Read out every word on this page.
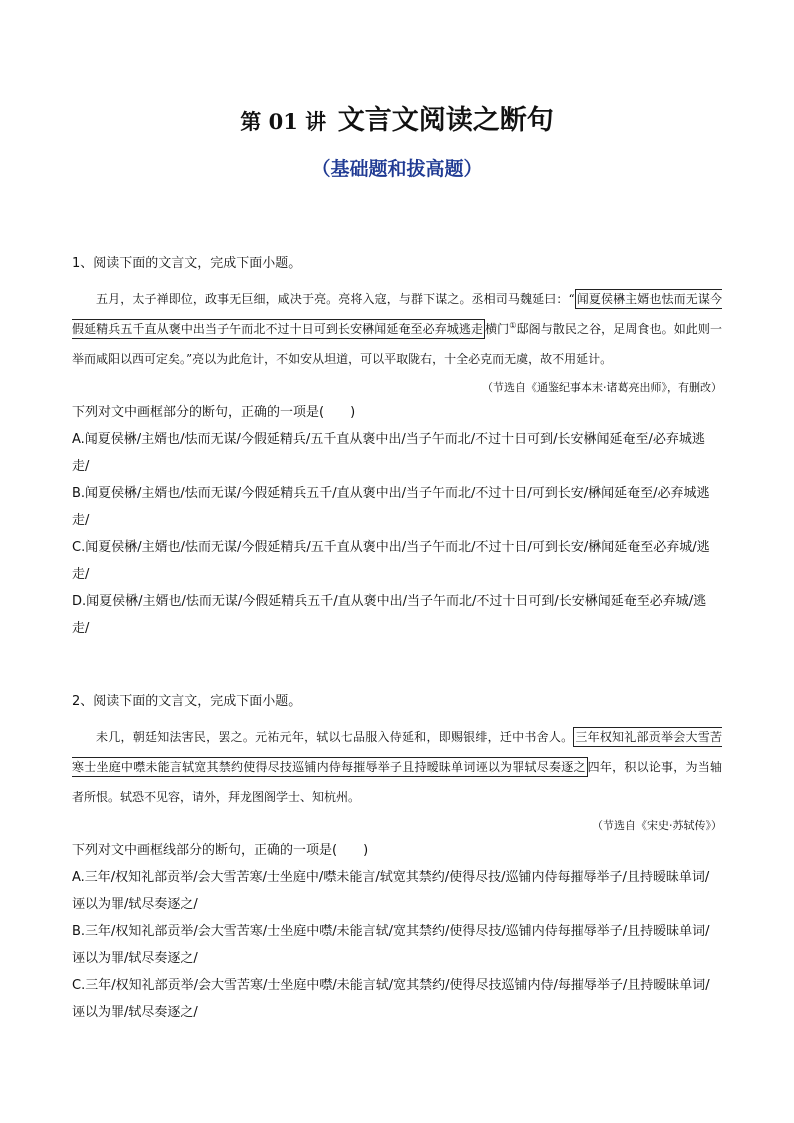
第 01 讲 文言文阅读之断句
（基础题和拔高题）
1、阅读下面的文言文，完成下面小题。
五月，太子禅即位，政事无巨细，咸决于亮。亮将入寇，与群下谋之。丞相司马魏延曰：“ 闻夏侯楙主婿也怯而无谋今假延精兵五千直从褒中出当子午而北不过十日可到长安楙闻延奄至必弃城逃走 横门①邸阁与散民之谷，足周食也。如此则一举而咸阳以西可定矣。”亮以为此危计，不如安从坦道，可以平取陇右，十全必克而无虞，故不用延计。
（节选自《通鉴纪事本末·诸葛亮出师》，有删改）
下列对文中画框部分的断句，正确的一项是(　　)
A.闻夏侯楙/主婿也/怯而无谋/今假延精兵/五千直从褒中出/当子午而北/不过十日可到/长安楙闻延奄至/必弃城逃走/
B.闻夏侯楙/主婿也/怯而无谋/今假延精兵五千/直从褒中出/当子午而北/不过十日/可到长安/楙闻延奄至/必弃城逃走/
C.闻夏侯楙/主婿也/怯而无谋/今假延精兵/五千直从褒中出/当子午而北/不过十日/可到长安/楙闻延奄至必弃城/逃走/
D.闻夏侯楙/主婿也/怯而无谋/今假延精兵五千/直从褒中出/当子午而北/不过十日可到/长安楙闻延奄至必弃城/逃走/
2、阅读下面的文言文，完成下面小题。
未几，朝廷知法害民，罢之。元祐元年，轼以七品服入侍延和，即赐银绯，迁中书舍人。 三年权知礼部贡举会大雪苦寒士坐庭中噤未能言轼宽其禁约使得尽技巡铺内侍每摧辱举子且持暧昧单词诬以为罪轼尽奏逐之 四年，积以论事，为当轴者所恨。轼恐不见容，请外，拜龙图阁学士、知杭州。
（节选自《宋史·苏轼传》）
下列对文中画框线部分的断句，正确的一项是(　　)
A.三年/权知礼部贡举/会大雪苦寒/士坐庭中/噤未能言/轼宽其禁约/使得尽技/巡铺内侍每摧辱举子/且持暧昧单词/诬以为罪/轼尽奏逐之/
B.三年/权知礼部贡举/会大雪苦寒/士坐庭中噤/未能言轼/宽其禁约/使得尽技/巡铺内侍每摧辱举子/且持暧昧单词/诬以为罪/轼尽奏逐之/
C.三年/权知礼部贡举/会大雪苦寒/士坐庭中噤/未能言轼/宽其禁约/使得尽技巡铺内侍/每摧辱举子/且持暧昧单词/诬以为罪/轼尽奏逐之/
